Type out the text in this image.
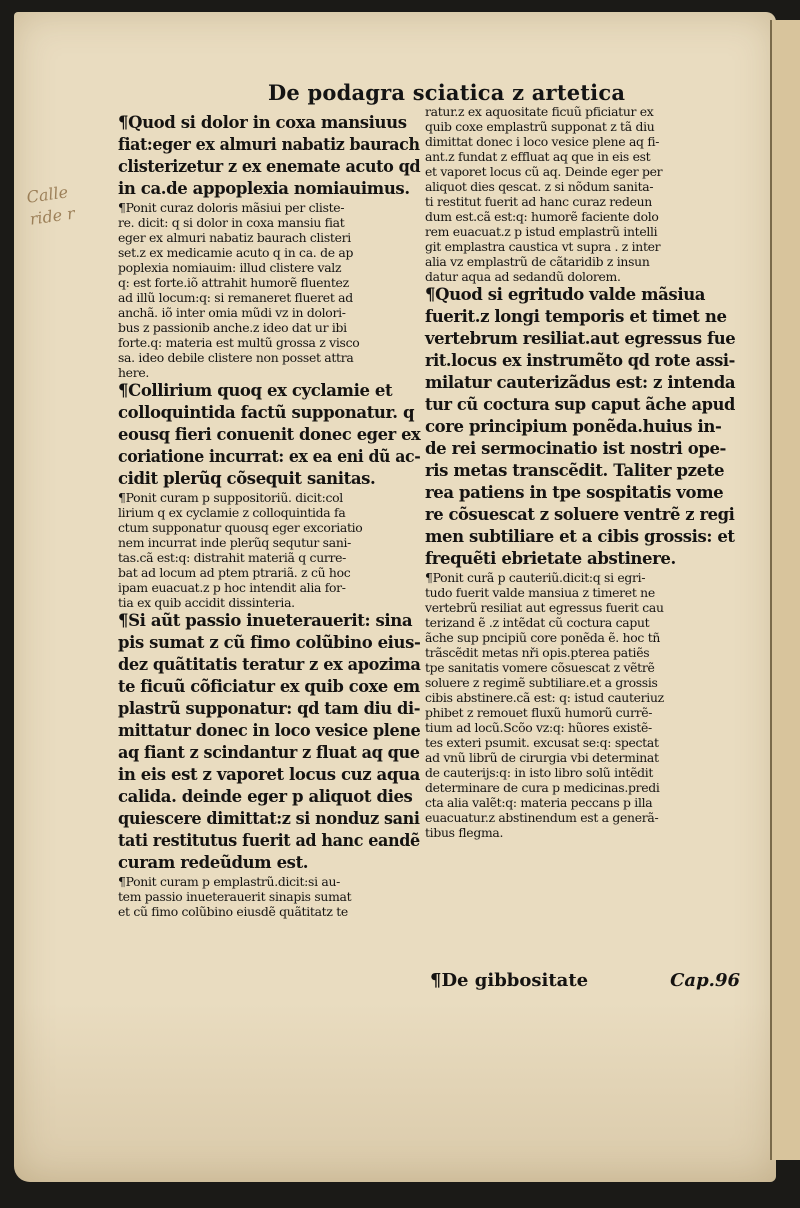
De podagra sciatica z artetica
Calle ride r
¶Quod si dolor in coxa mansiuus
fiat:eger ex almuri nabatiz baurach
clisterizetur z ex enemate acuto qd
in ca.de appoplexia nomiauimus.
¶Ponit curaz doloris mãsiui per cliste-
re. dicit: q si dolor in coxa mansiu fiat
eger ex almuri nabatiz baurach clisteri
set.z ex medicamie acuto q in ca. de ap
poplexia nomiauim: illud clistere valz
q: est forte.iõ attrahit humorẽ fluentez
ad illũ locum:q: si remaneret flueret ad
anchã. iõ inter omia mũdi vz in dolori-
bus z passionib anche.z ideo dat ur ibi
forte.q: materia est multũ grossa z visco
sa. ideo debile clistere non posset attra
here.
¶Collirium quoq ex cyclamie et
colloquintida factũ supponatur. q
eousq fieri conuenit donec eger ex
coriatione incurrat: ex ea eni dũ ac-
cidit plerũq cõsequit sanitas.
¶Ponit curam p suppositoriũ. dicit:col
lirium q ex cyclamie z colloquintida fa
ctum supponatur quousq eger excoriatio
nem incurrat inde plerũq sequtur sani-
tas.cã est:q: distrahit materiã q curre-
bat ad locum ad ptem ptrariã. z cũ hoc
ipam euacuat.z p hoc intendit alia for-
tia ex quib accidit dissinteria.
¶Si aũt passio inueterauerit: sina
pis sumat z cũ fimo colũbino eius-
dez quãtitatis teratur z ex apozima
te ficuũ cõficiatur ex quib coxe em
plastrũ supponatur: qd tam diu di-
mittatur donec in loco vesice plene
aq fiant z scindantur z fluat aq que
in eis est z vaporet locus cuz aqua
calida. deinde eger p aliquot dies
quiescere dimittat:z si nonduz sani
tati restitutus fuerit ad hanc eandẽ
curam redeũdum est.
¶Ponit curam p emplastrũ.dicit:si au-
tem passio inueterauerit sinapis sumat
et cũ fimo colũbino eiusdẽ quãtitatz te
ratur.z ex aquositate ficuũ pficiatur ex
quib coxe emplastrũ supponat z tã diu
dimittat donec i loco vesice plene aq fi-
ant.z fundat z effluat aq que in eis est
et vaporet locus cũ aq. Deinde eger per
aliquot dies qescat. z si nõdum sanita-
ti restitut fuerit ad hanc curaz redeun
dum est.cã est:q: humorẽ faciente dolo
rem euacuat.z p istud emplastrũ intelli
git emplastra caustica vt supra . z inter
alia vz emplastrũ de cãtaridib z insun
datur aqua ad sedandũ dolorem.
¶Quod si egritudo valde mãsiua
fuerit.z longi temporis et timet ne
vertebrum resiliat.aut egressus fue
rit.locus ex instrumẽto qd rote assi-
milatur cauterizãdus est: z intenda
tur cũ coctura sup caput ãche apud
core principium ponẽda.huius in-
de rei sermocinatio ist nostri ope-
ris metas transcẽdit. Taliter pzete
rea patiens in tpe sospitatis vome
re cõsuescat z soluere ventrẽ z regi
men subtiliare et a cibis grossis: et
frequẽti ebrietate abstinere.
¶Ponit curã p cauteriũ.dicit:q si egri-
tudo fuerit valde mansiua z timeret ne
vertebrũ resiliat aut egressus fuerit cau
terizand ẽ .z intẽdat cũ coctura caput
ãche sup pncipiũ core ponẽda ẽ. hoc tñ
trãscẽdit metas nři opis.pterea patiẽs
tpe sanitatis vomere cõsuescat z vẽtrẽ
soluere z regimẽ subtiliare.et a grossis
cibis abstinere.cã est: q: istud cauteriuz
phibet z remouet fluxũ humorũ currẽ-
tium ad locũ.Scõo vz:q: hũores existẽ-
tes exteri psumit. excusat se:q: spectat
ad vnũ librũ de cirurgia vbi determinat
de cauterijs:q: in isto libro solũ intẽdit
determinare de cura p medicinas.predi
cta alia valẽt:q: materia peccans p illa
euacuatur.z abstinendum est a generã-
tibus flegma.
¶De gibbositate	Cap.96
